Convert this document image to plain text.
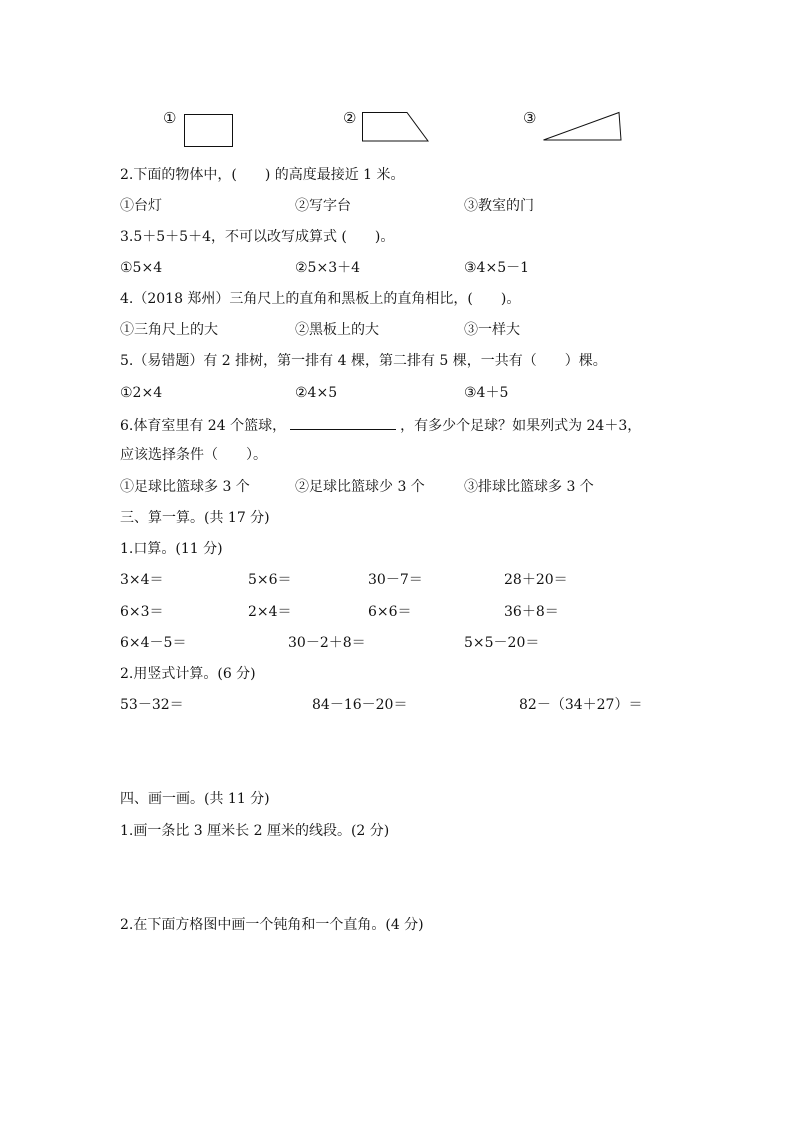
①	②	③
2.下面的物体中，(　　) 的高度最接近 1 米。
①台灯	②写字台	③教室的门
3.5＋5＋5＋4，不可以改写成算式 (　　)。
①5×4	②5×3＋4	③4×5－1
4.（2018 郑州）三角尺上的直角和黑板上的直角相比，(　　)。
①三角尺上的大	②黑板上的大	③一样大
5.（易错题）有 2 排树，第一排有 4 棵，第二排有 5 棵，一共有（　　）棵。
①2×4	②4×5	③4＋5
6.体育室里有 24 个篮球，	，有多少个足球？如果列式为 24＋3，
应该选择条件（　　）。
①足球比篮球多 3 个	②足球比篮球少 3 个	③排球比篮球多 3 个
三、算一算。(共 17 分)
1.口算。(11 分)
3×4＝	5×6＝	30－7＝	28＋20＝
6×3＝	2×4＝	6×6＝	36＋8＝
6×4－5＝	30－2＋8＝	5×5－20＝
2.用竖式计算。(6 分)
53－32＝	84－16－20＝	82－（34＋27）＝
四、画一画。(共 11 分)
1.画一条比 3 厘米长 2 厘米的线段。(2 分)
2.在下面方格图中画一个钝角和一个直角。(4 分)
